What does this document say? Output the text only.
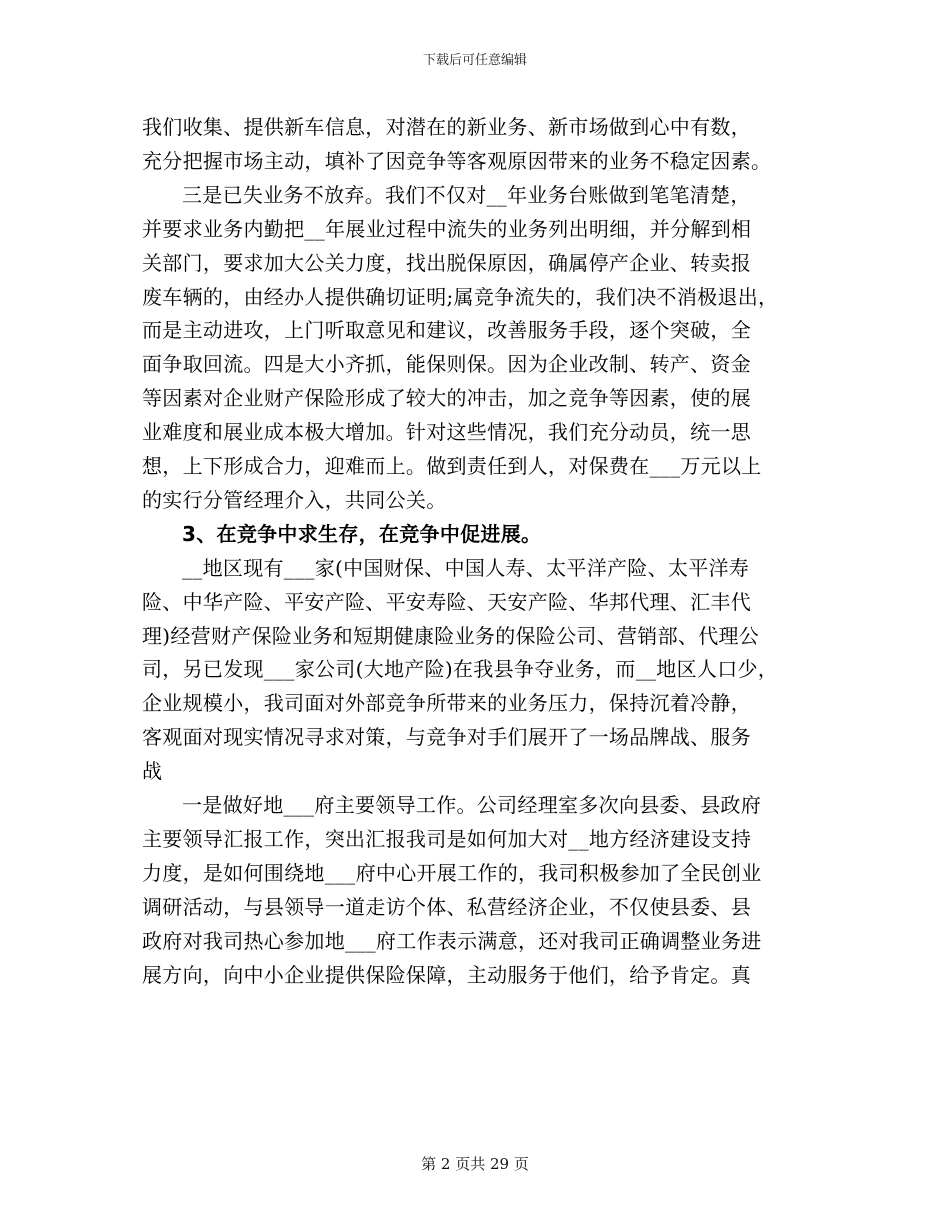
下载后可任意编辑
我们收集、提供新车信息，对潜在的新业务、新市场做到心中有数，
充分把握市场主动，填补了因竞争等客观原因带来的业务不稳定因素。
三是已失业务不放弃。我们不仅对__年业务台账做到笔笔清楚，
并要求业务内勤把__年展业过程中流失的业务列出明细，并分解到相
关部门，要求加大公关力度，找出脱保原因，确属停产企业、转卖报
废车辆的，由经办人提供确切证明;属竞争流失的，我们决不消极退出，
而是主动进攻，上门听取意见和建议，改善服务手段，逐个突破，全
面争取回流。四是大小齐抓，能保则保。因为企业改制、转产、资金
等因素对企业财产保险形成了较大的冲击，加之竞争等因素，使的展
业难度和展业成本极大增加。针对这些情况，我们充分动员，统一思
想，上下形成合力，迎难而上。做到责任到人，对保费在___万元以上
的实行分管经理介入，共同公关。
3、在竞争中求生存，在竞争中促进展。
__地区现有___家(中国财保、中国人寿、太平洋产险、太平洋寿
险、中华产险、平安产险、平安寿险、天安产险、华邦代理、汇丰代
理)经营财产保险业务和短期健康险业务的保险公司、营销部、代理公
司，另已发现___家公司(大地产险)在我县争夺业务，而__地区人口少，
企业规模小，我司面对外部竞争所带来的业务压力，保持沉着冷静，
客观面对现实情况寻求对策，与竞争对手们展开了一场品牌战、服务
战
一是做好地___府主要领导工作。公司经理室多次向县委、县政府
主要领导汇报工作，突出汇报我司是如何加大对__地方经济建设支持
力度，是如何围绕地___府中心开展工作的，我司积极参加了全民创业
调研活动，与县领导一道走访个体、私营经济企业，不仅使县委、县
政府对我司热心参加地___府工作表示满意，还对我司正确调整业务进
展方向，向中小企业提供保险保障，主动服务于他们，给予肯定。真
第 2 页共 29 页
